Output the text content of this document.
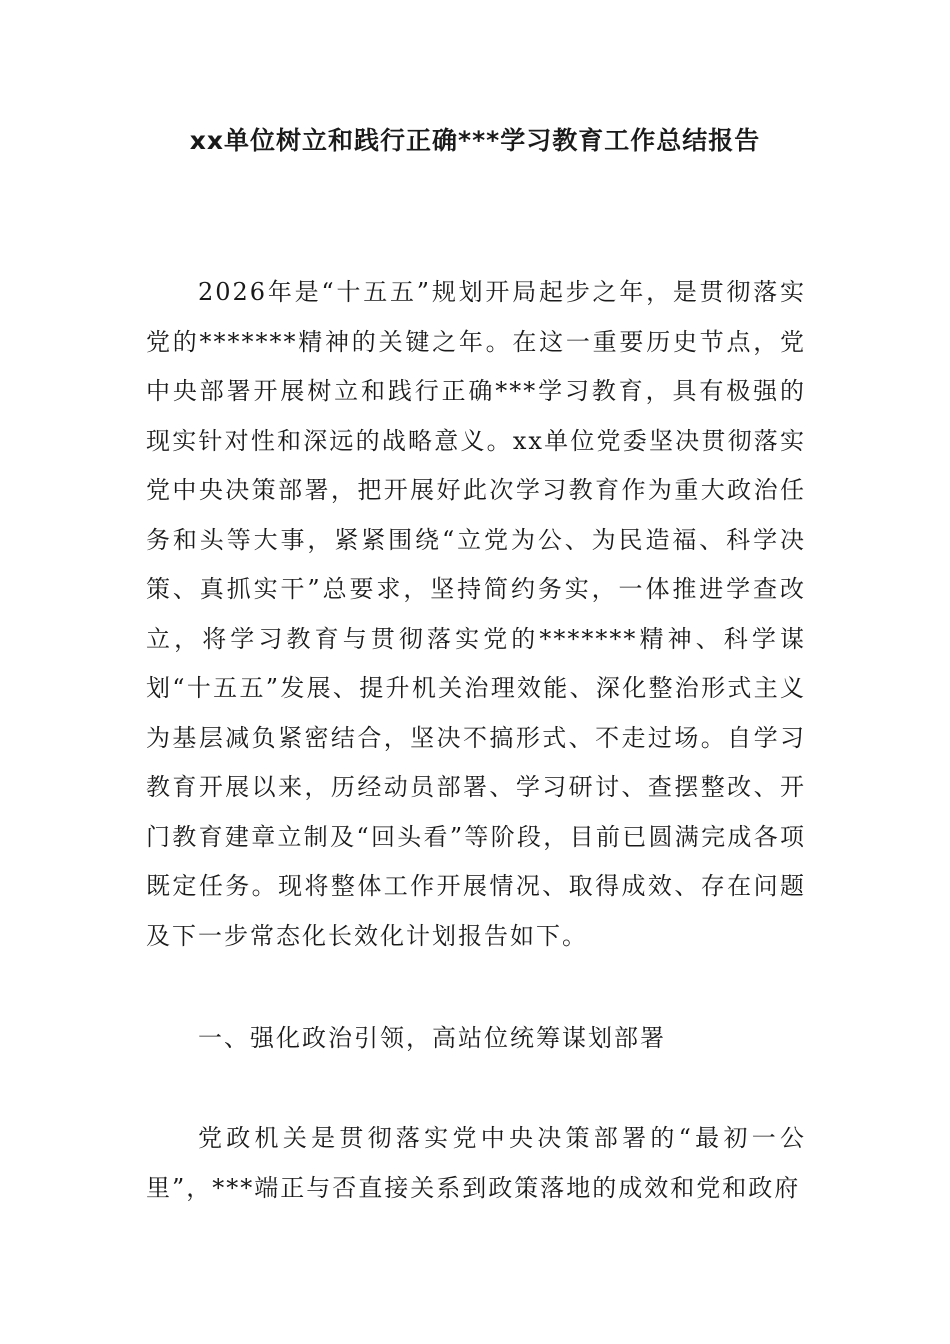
xx单位树立和践行正确***学习教育工作总结报告

2026年是“十五五”规划开局起步之年，是贯彻落实党的*******精神的关键之年。在这一重要历史节点，党中央部署开展树立和践行正确***学习教育，具有极强的现实针对性和深远的战略意义。xx单位党委坚决贯彻落实党中央决策部署，把开展好此次学习教育作为重大政治任务和头等大事，紧紧围绕“立党为公、为民造福、科学决策、真抓实干”总要求，坚持简约务实，一体推进学查改立，将学习教育与贯彻落实党的*******精神、科学谋划“十五五”发展、提升机关治理效能、深化整治形式主义为基层减负紧密结合，坚决不搞形式、不走过场。自学习教育开展以来，历经动员部署、学习研讨、查摆整改、开门教育建章立制及“回头看”等阶段，目前已圆满完成各项既定任务。现将整体工作开展情况、取得成效、存在问题及下一步常态化长效化计划报告如下。

一、强化政治引领，高站位统筹谋划部署

党政机关是贯彻落实党中央决策部署的“最初一公里”，***端正与否直接关系到政策落地的成效和党和政府
